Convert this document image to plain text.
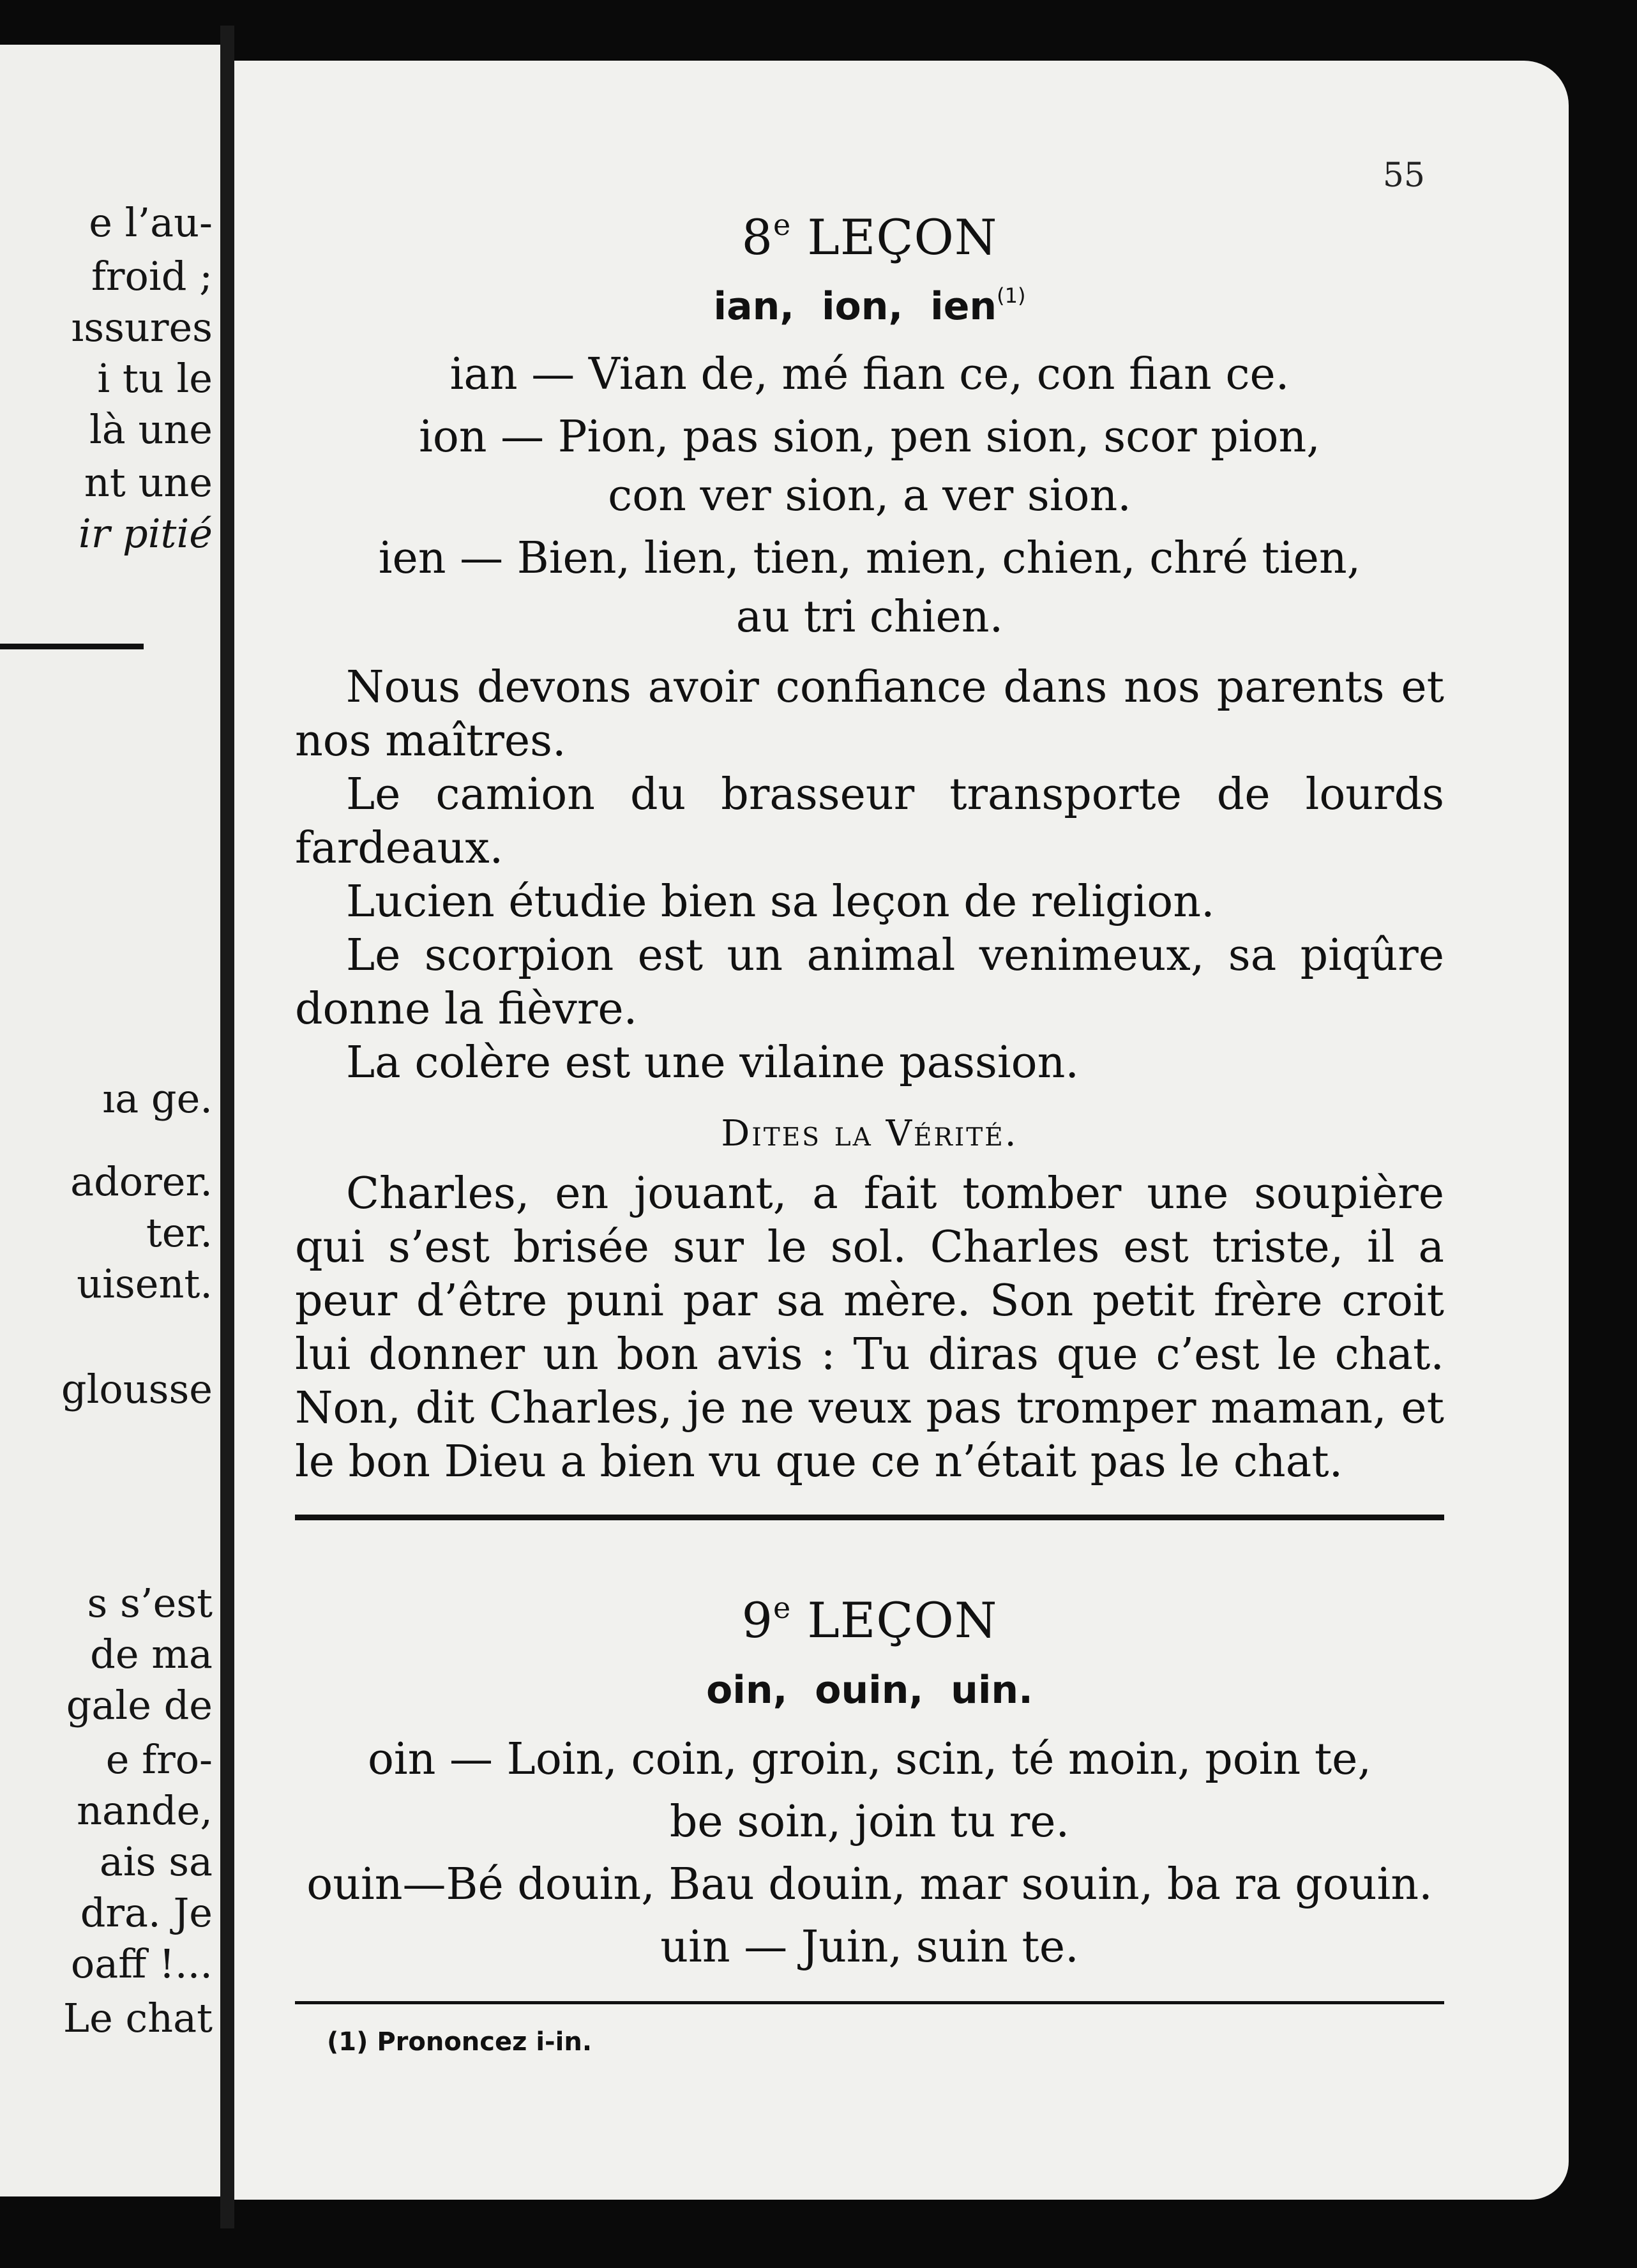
e l’au-
froid ;
ıssures
i tu le
là une
nt une
ir pitié
ıa ge.
adorer.
ter.
uisent.
glousse
s s’est
de ma
gale de
e fro-
nande,
ais sa
dra. Je
oaff !...
Le chat
55
8e LEÇON
ian, ion, ien$^{(1)}$
ian — Vian de, mé fian ce, con fian ce.
ion — Pion, pas sion, pen sion, scor pion,
con ver sion, a ver sion.
ien — Bien, lien, tien, mien, chien, chré tien,
au tri chien.

Nous devons avoir confiance dans nos parents et nos maîtres.

Le camion du brasseur transporte de lourds fardeaux.

Lucien étudie bien sa leçon de religion.

Le scorpion est un animal venimeux, sa piqûre donne la fièvre.

La colère est une vilaine passion.

Dites la Vérité.

Charles, en jouant, a fait tomber une soupière qui s’est brisée sur le sol. Charles est triste, il a peur d’être puni par sa mère. Son petit frère croit lui donner un bon avis : Tu diras que c’est le chat. Non, dit Charles, je ne veux pas tromper maman, et le bon Dieu a bien vu que ce n’était pas le chat.

9e LEÇON
oin, ouin, uin.
oin — Loin, coin, groin, scin, té moin, poin te,
be soin, join tu re.
ouin—Bé douin, Bau douin, mar souin, ba ra gouin.
uin — Juin, suin te.
(1) Prononcez i-in.
